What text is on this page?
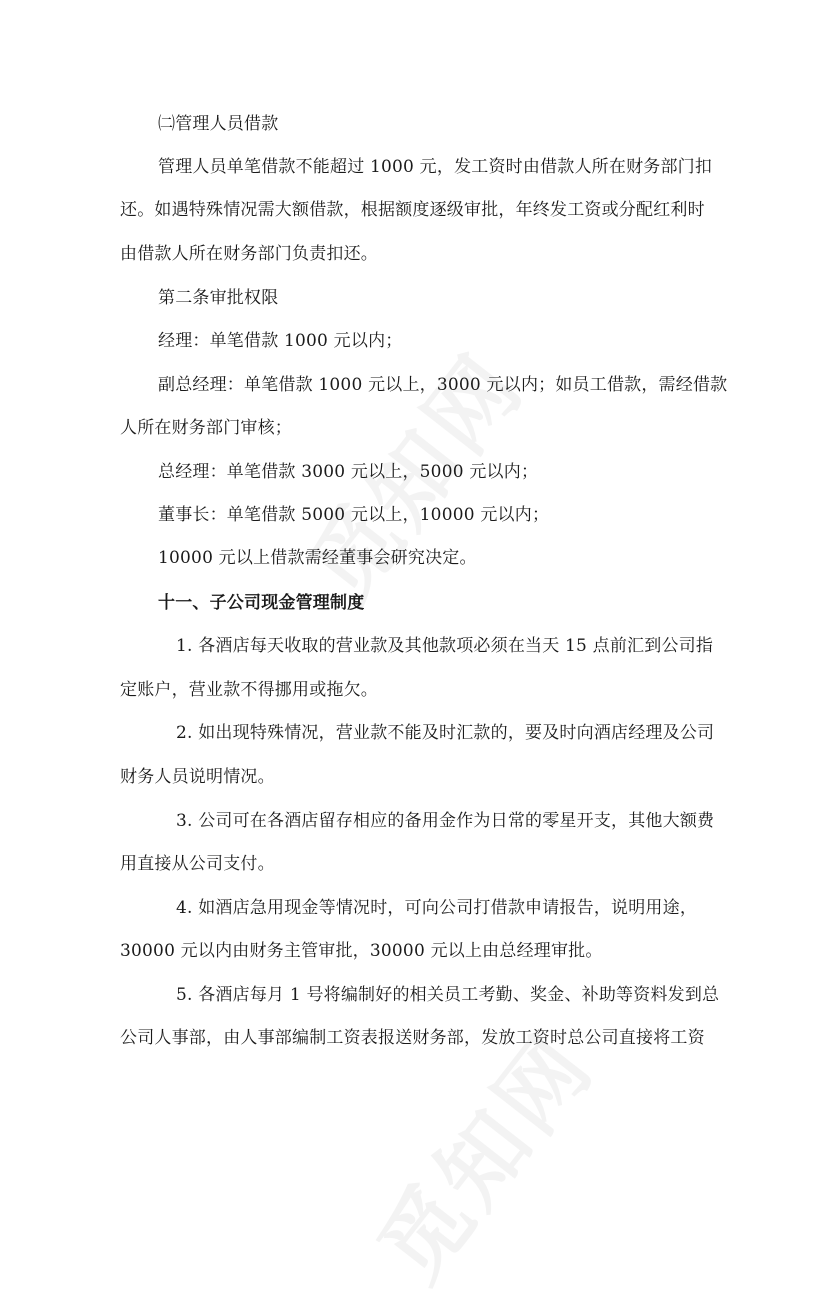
㈡管理人员借款
管理人员单笔借款不能超过 1000 元，发工资时由借款人所在财务部门扣
还。如遇特殊情况需大额借款，根据额度逐级审批，年终发工资或分配红利时
由借款人所在财务部门负责扣还。
第二条审批权限
经理：单笔借款 1000 元以内；
副总经理：单笔借款 1000 元以上，3000 元以内；如员工借款，需经借款
人所在财务部门审核；
总经理：单笔借款 3000 元以上，5000 元以内；
董事长：单笔借款 5000 元以上，10000 元以内；
10000 元以上借款需经董事会研究决定。
十一、子公司现金管理制度
1. 各酒店每天收取的营业款及其他款项必须在当天 15 点前汇到公司指
定账户，营业款不得挪用或拖欠。
2. 如出现特殊情况，营业款不能及时汇款的，要及时向酒店经理及公司
财务人员说明情况。
3. 公司可在各酒店留存相应的备用金作为日常的零星开支，其他大额费
用直接从公司支付。
4. 如酒店急用现金等情况时，可向公司打借款申请报告，说明用途，
30000 元以内由财务主管审批，30000 元以上由总经理审批。
5. 各酒店每月 1 号将编制好的相关员工考勤、奖金、补助等资料发到总
公司人事部，由人事部编制工资表报送财务部，发放工资时总公司直接将工资
